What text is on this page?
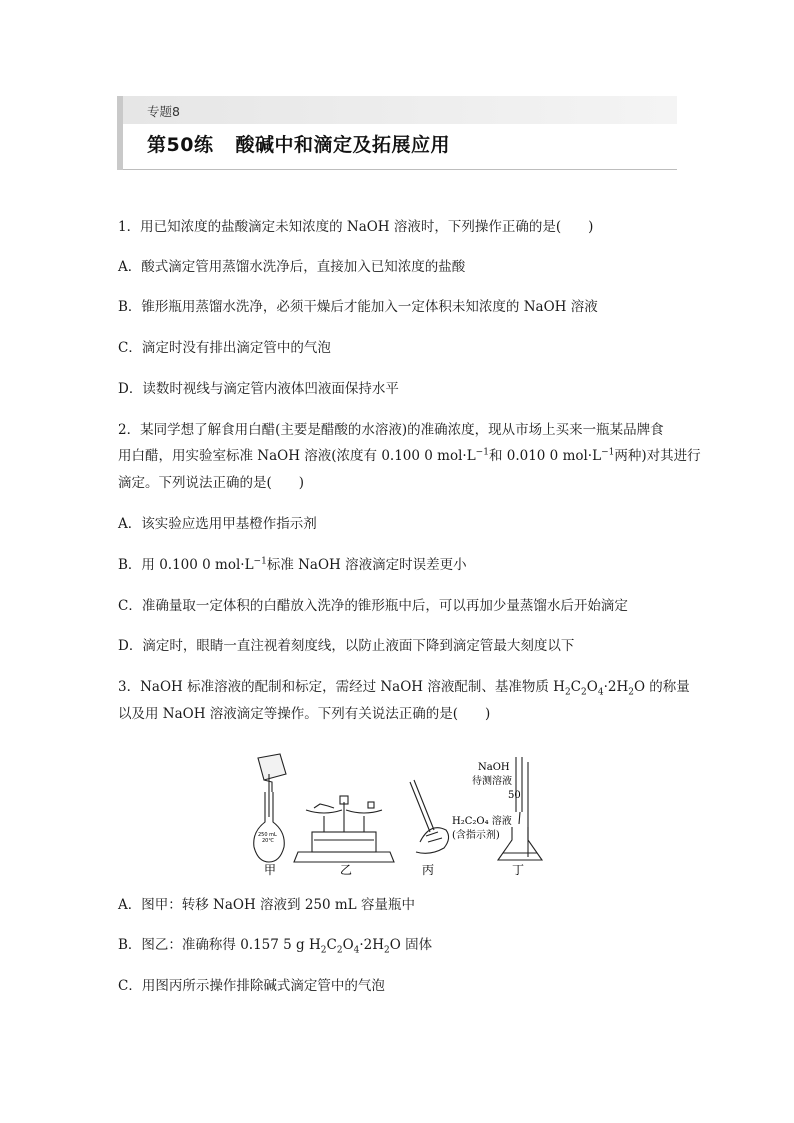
专题8
第50练 酸碱中和滴定及拓展应用
1．用已知浓度的盐酸滴定未知浓度的 NaOH 溶液时，下列操作正确的是(　　)
A．酸式滴定管用蒸馏水洗净后，直接加入已知浓度的盐酸
B．锥形瓶用蒸馏水洗净，必须干燥后才能加入一定体积未知浓度的 NaOH 溶液
C．滴定时没有排出滴定管中的气泡
D．读数时视线与滴定管内液体凹液面保持水平
2．某同学想了解食用白醋(主要是醋酸的水溶液)的准确浓度，现从市场上买来一瓶某品牌食
用白醋，用实验室标准 NaOH 溶液(浓度有 0.100 0 $mol\cdot L^{-1}$和 0.010 0 $mol\cdot L^{-1}$两种)对其进行
滴定。下列说法正确的是(　　)
A．该实验应选用甲基橙作指示剂
B．用 0.100 0 $mol\cdot L^{-1}$标准 NaOH 溶液滴定时误差更小
C．准确量取一定体积的白醋放入洗净的锥形瓶中后，可以再加少量蒸馏水后开始滴定
D．滴定时，眼睛一直注视着刻度线，以防止液面下降到滴定管最大刻度以下
3．NaOH 标准溶液的配制和标定，需经过 NaOH 溶液配制、基准物质 $H_2C_2O_4\cdot 2H_2O$ 的称量
以及用 NaOH 溶液滴定等操作。下列有关说法正确的是(　　)
250 mL
20℃
NaOH
待测溶液
50
H₂C₂O₄ 溶液
(含指示剂)
甲	乙	丙	丁
A．图甲：转移 NaOH 溶液到 250 mL 容量瓶中
B．图乙：准确称得 0.157 5 g $H_2C_2O_4\cdot 2H_2O$ 固体
C．用图丙所示操作排除碱式滴定管中的气泡
